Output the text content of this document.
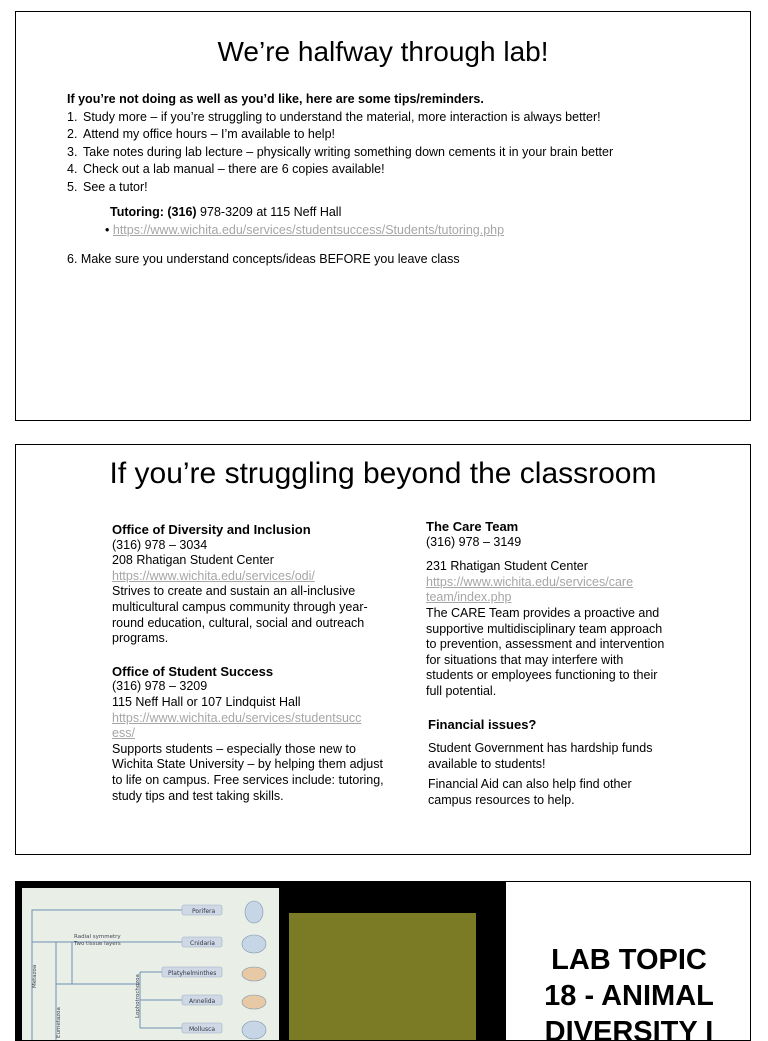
We’re halfway through lab!
If you’re not doing as well as you’d like, here are some tips/reminders.
1. Study more – if you’re struggling to understand the material, more interaction is always better!
2. Attend my office hours – I’m available to help!
3. Take notes during lab lecture – physically writing something down cements it in your brain better
4. Check out a lab manual – there are 6 copies available!
5. See a tutor!
Tutoring: (316) 978-3209 at 115 Neff Hall
• https://www.wichita.edu/services/studentsuccess/Students/tutoring.php
6. Make sure you understand concepts/ideas BEFORE you leave class
If you’re struggling beyond the classroom
Office of Diversity and Inclusion
(316) 978 – 3034
208 Rhatigan Student Center
https://www.wichita.edu/services/odi/
Strives to create and sustain an all-inclusive multicultural campus community through year-round education, cultural, social and outreach programs.
Office of Student Success
(316) 978 – 3209
115 Neff Hall or 107 Lindquist Hall
https://www.wichita.edu/services/studentsucc
ess/
Supports students – especially those new to Wichita State University – by helping them adjust to life on campus. Free services include: tutoring, study tips and test taking skills.
The Care Team
(316) 978 – 3149
231 Rhatigan Student Center
https://www.wichita.edu/services/care
team/index.php
The CARE Team provides a proactive and supportive multidisciplinary team approach to prevention, assessment and intervention for situations that may interfere with students or employees functioning to their full potential.
Financial issues?
Student Government has hardship funds available to students!
Financial Aid can also help find other campus resources to help.
Porifera
Cnidaria
Platyhelminthes
Annelida
Mollusca
Radial symmetry
Two tissue layers
Metazoa	Lophotrochozoa
Eumetazoa
LAB TOPIC
18 - ANIMAL
DIVERSITY I
